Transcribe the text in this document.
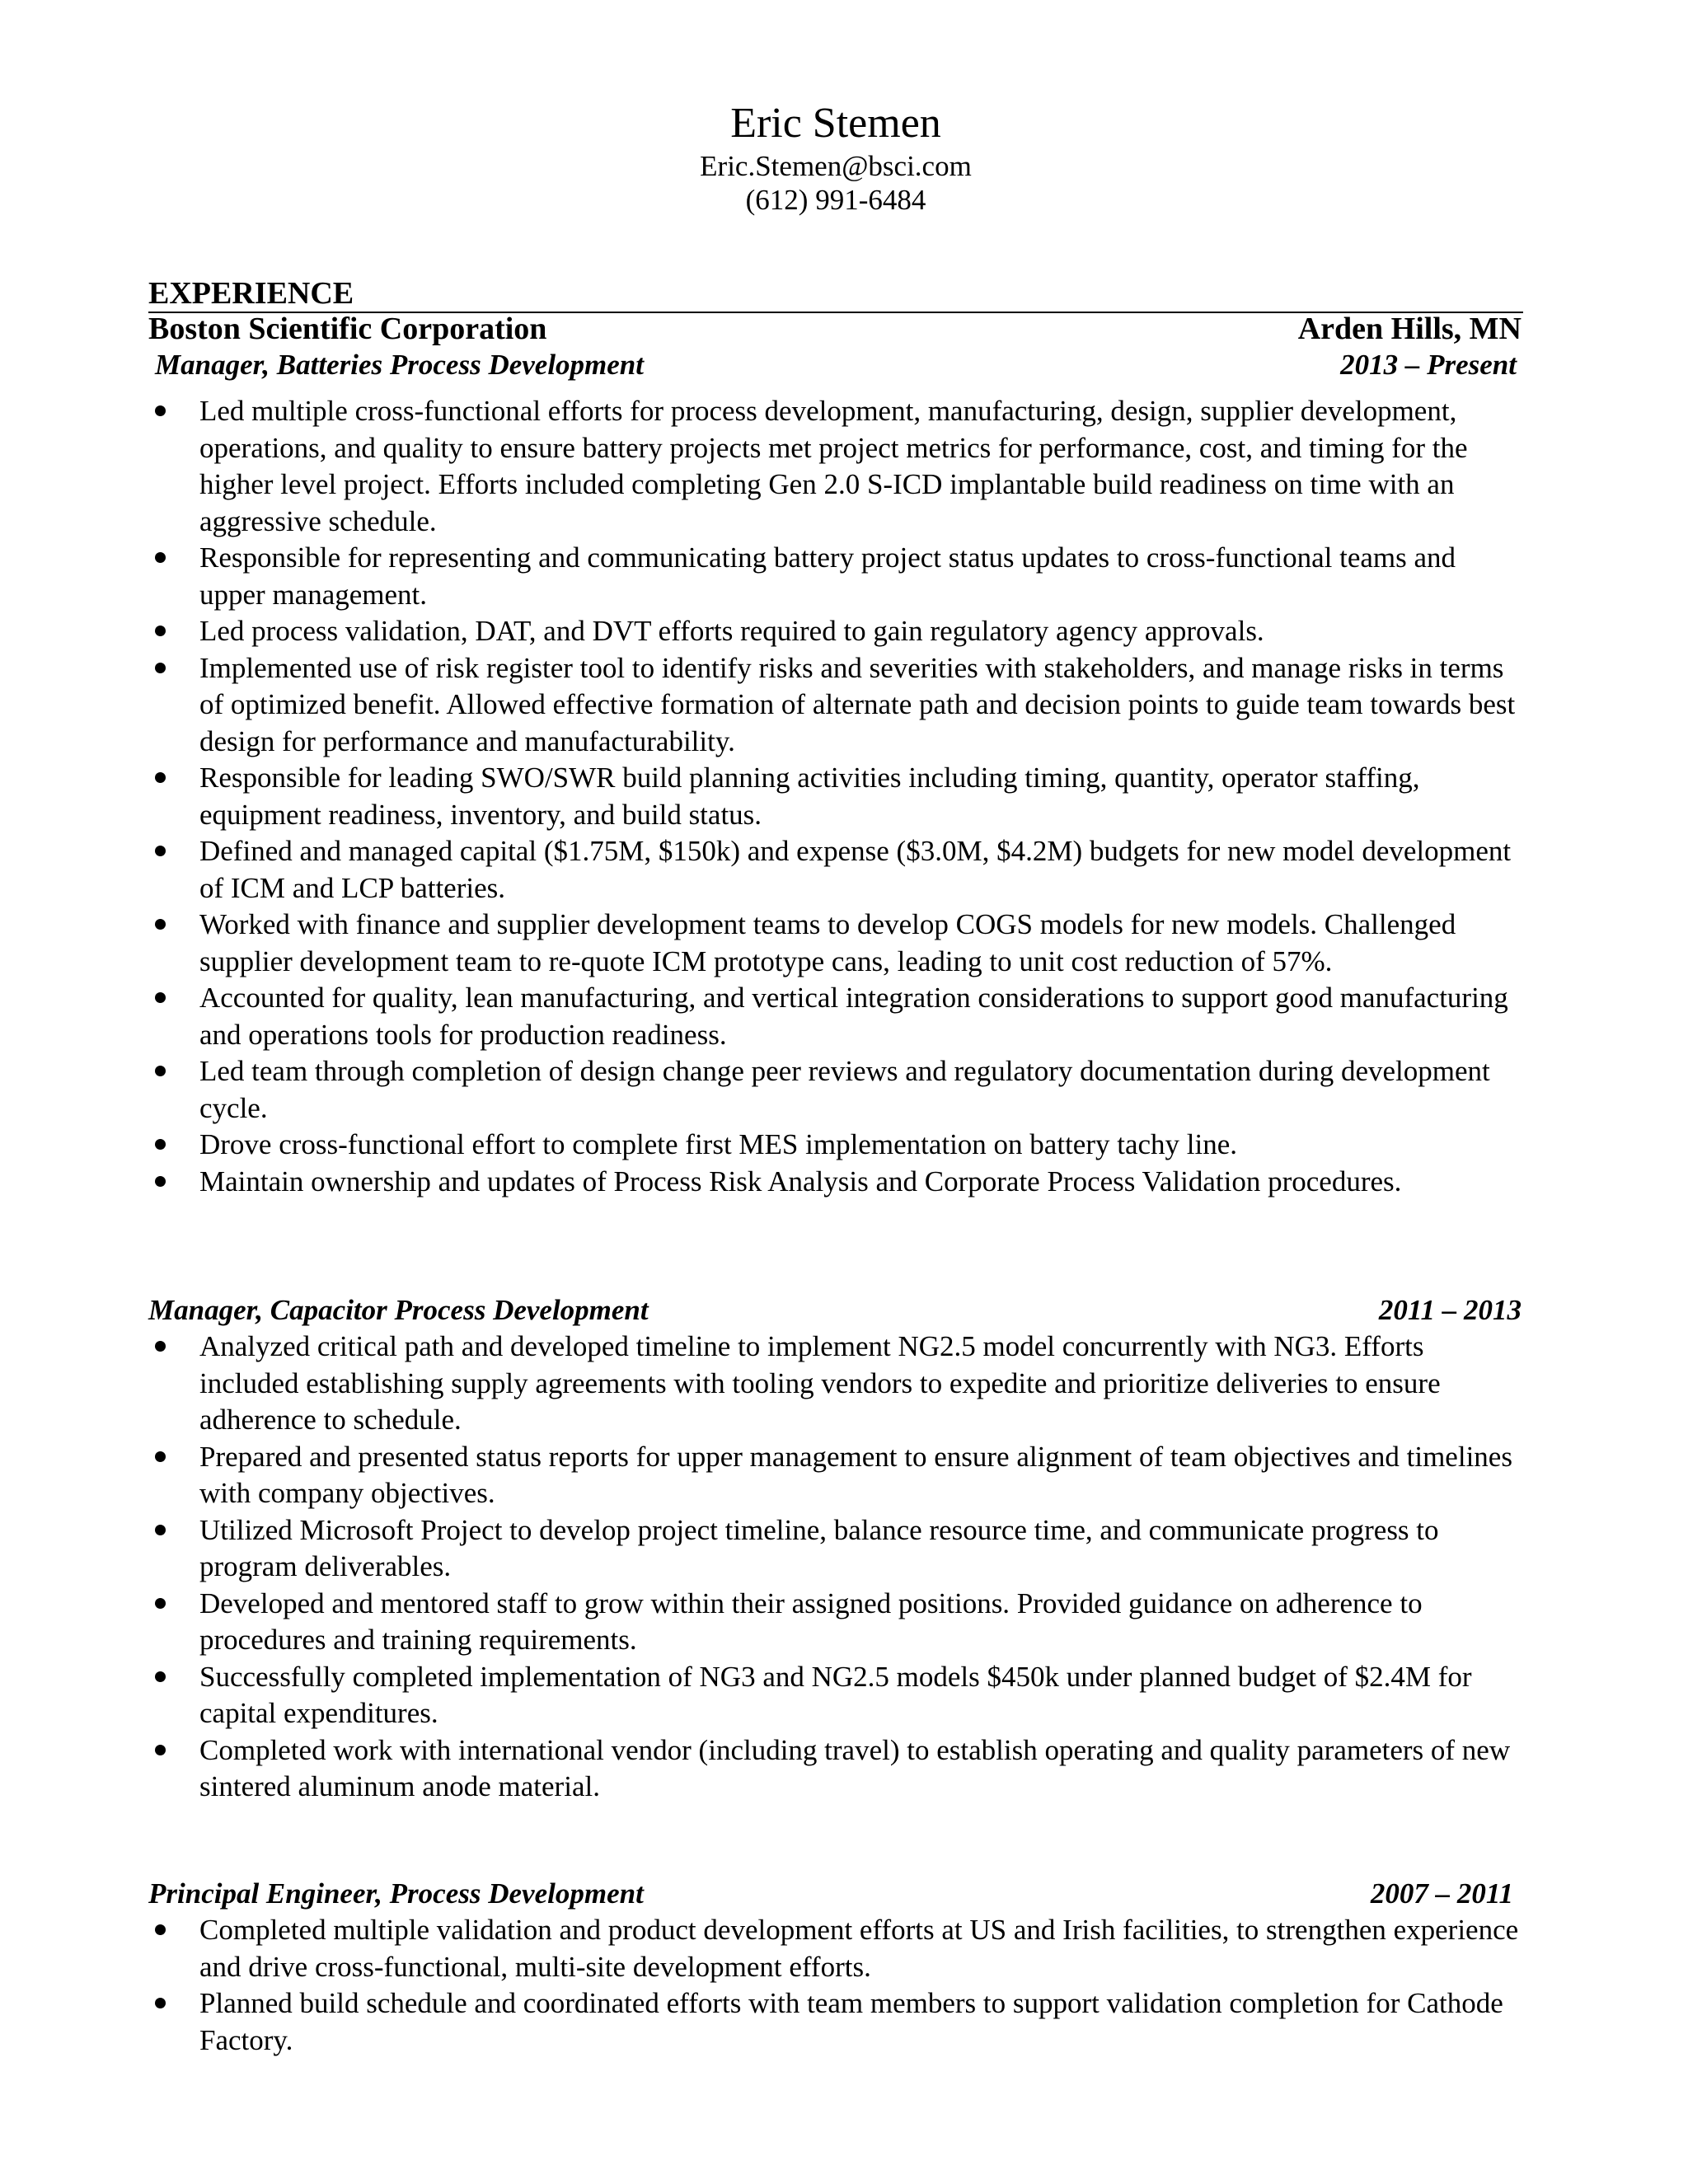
Eric Stemen
Eric.Stemen@bsci.com
(612) 991-6484
EXPERIENCE
Boston Scientific Corporation	Arden Hills, MN
Manager, Batteries Process Development	2013 – Present
Led multiple cross-functional efforts for process development, manufacturing, design, supplier development, operations, and quality to ensure battery projects met project metrics for performance, cost, and timing for the higher level project. Efforts included completing Gen 2.0 S-ICD implantable build readiness on time with an aggressive schedule.
Responsible for representing and communicating battery project status updates to cross-functional teams and upper management.
Led process validation, DAT, and DVT efforts required to gain regulatory agency approvals.
Implemented use of risk register tool to identify risks and severities with stakeholders, and manage risks in terms of optimized benefit. Allowed effective formation of alternate path and decision points to guide team towards best design for performance and manufacturability.
Responsible for leading SWO/SWR build planning activities including timing, quantity, operator staffing, equipment readiness, inventory, and build status.
Defined and managed capital ($1.75M, $150k) and expense ($3.0M, $4.2M) budgets for new model development of ICM and LCP batteries.
Worked with finance and supplier development teams to develop COGS models for new models. Challenged supplier development team to re-quote ICM prototype cans, leading to unit cost reduction of 57%.
Accounted for quality, lean manufacturing, and vertical integration considerations to support good manufacturing and operations tools for production readiness.
Led team through completion of design change peer reviews and regulatory documentation during development cycle.
Drove cross-functional effort to complete first MES implementation on battery tachy line.
Maintain ownership and updates of Process Risk Analysis and Corporate Process Validation procedures.
Manager, Capacitor Process Development	2011 – 2013
Analyzed critical path and developed timeline to implement NG2.5 model concurrently with NG3. Efforts included establishing supply agreements with tooling vendors to expedite and prioritize deliveries to ensure adherence to schedule.
Prepared and presented status reports for upper management to ensure alignment of team objectives and timelines with company objectives.
Utilized Microsoft Project to develop project timeline, balance resource time, and communicate progress to program deliverables.
Developed and mentored staff to grow within their assigned positions. Provided guidance on adherence to procedures and training requirements.
Successfully completed implementation of NG3 and NG2.5 models $450k under planned budget of $2.4M for capital expenditures.
Completed work with international vendor (including travel) to establish operating and quality parameters of new sintered aluminum anode material.
Principal Engineer, Process Development	2007 – 2011
Completed multiple validation and product development efforts at US and Irish facilities, to strengthen experience and drive cross-functional, multi-site development efforts.
Planned build schedule and coordinated efforts with team members to support validation completion for Cathode Factory.
